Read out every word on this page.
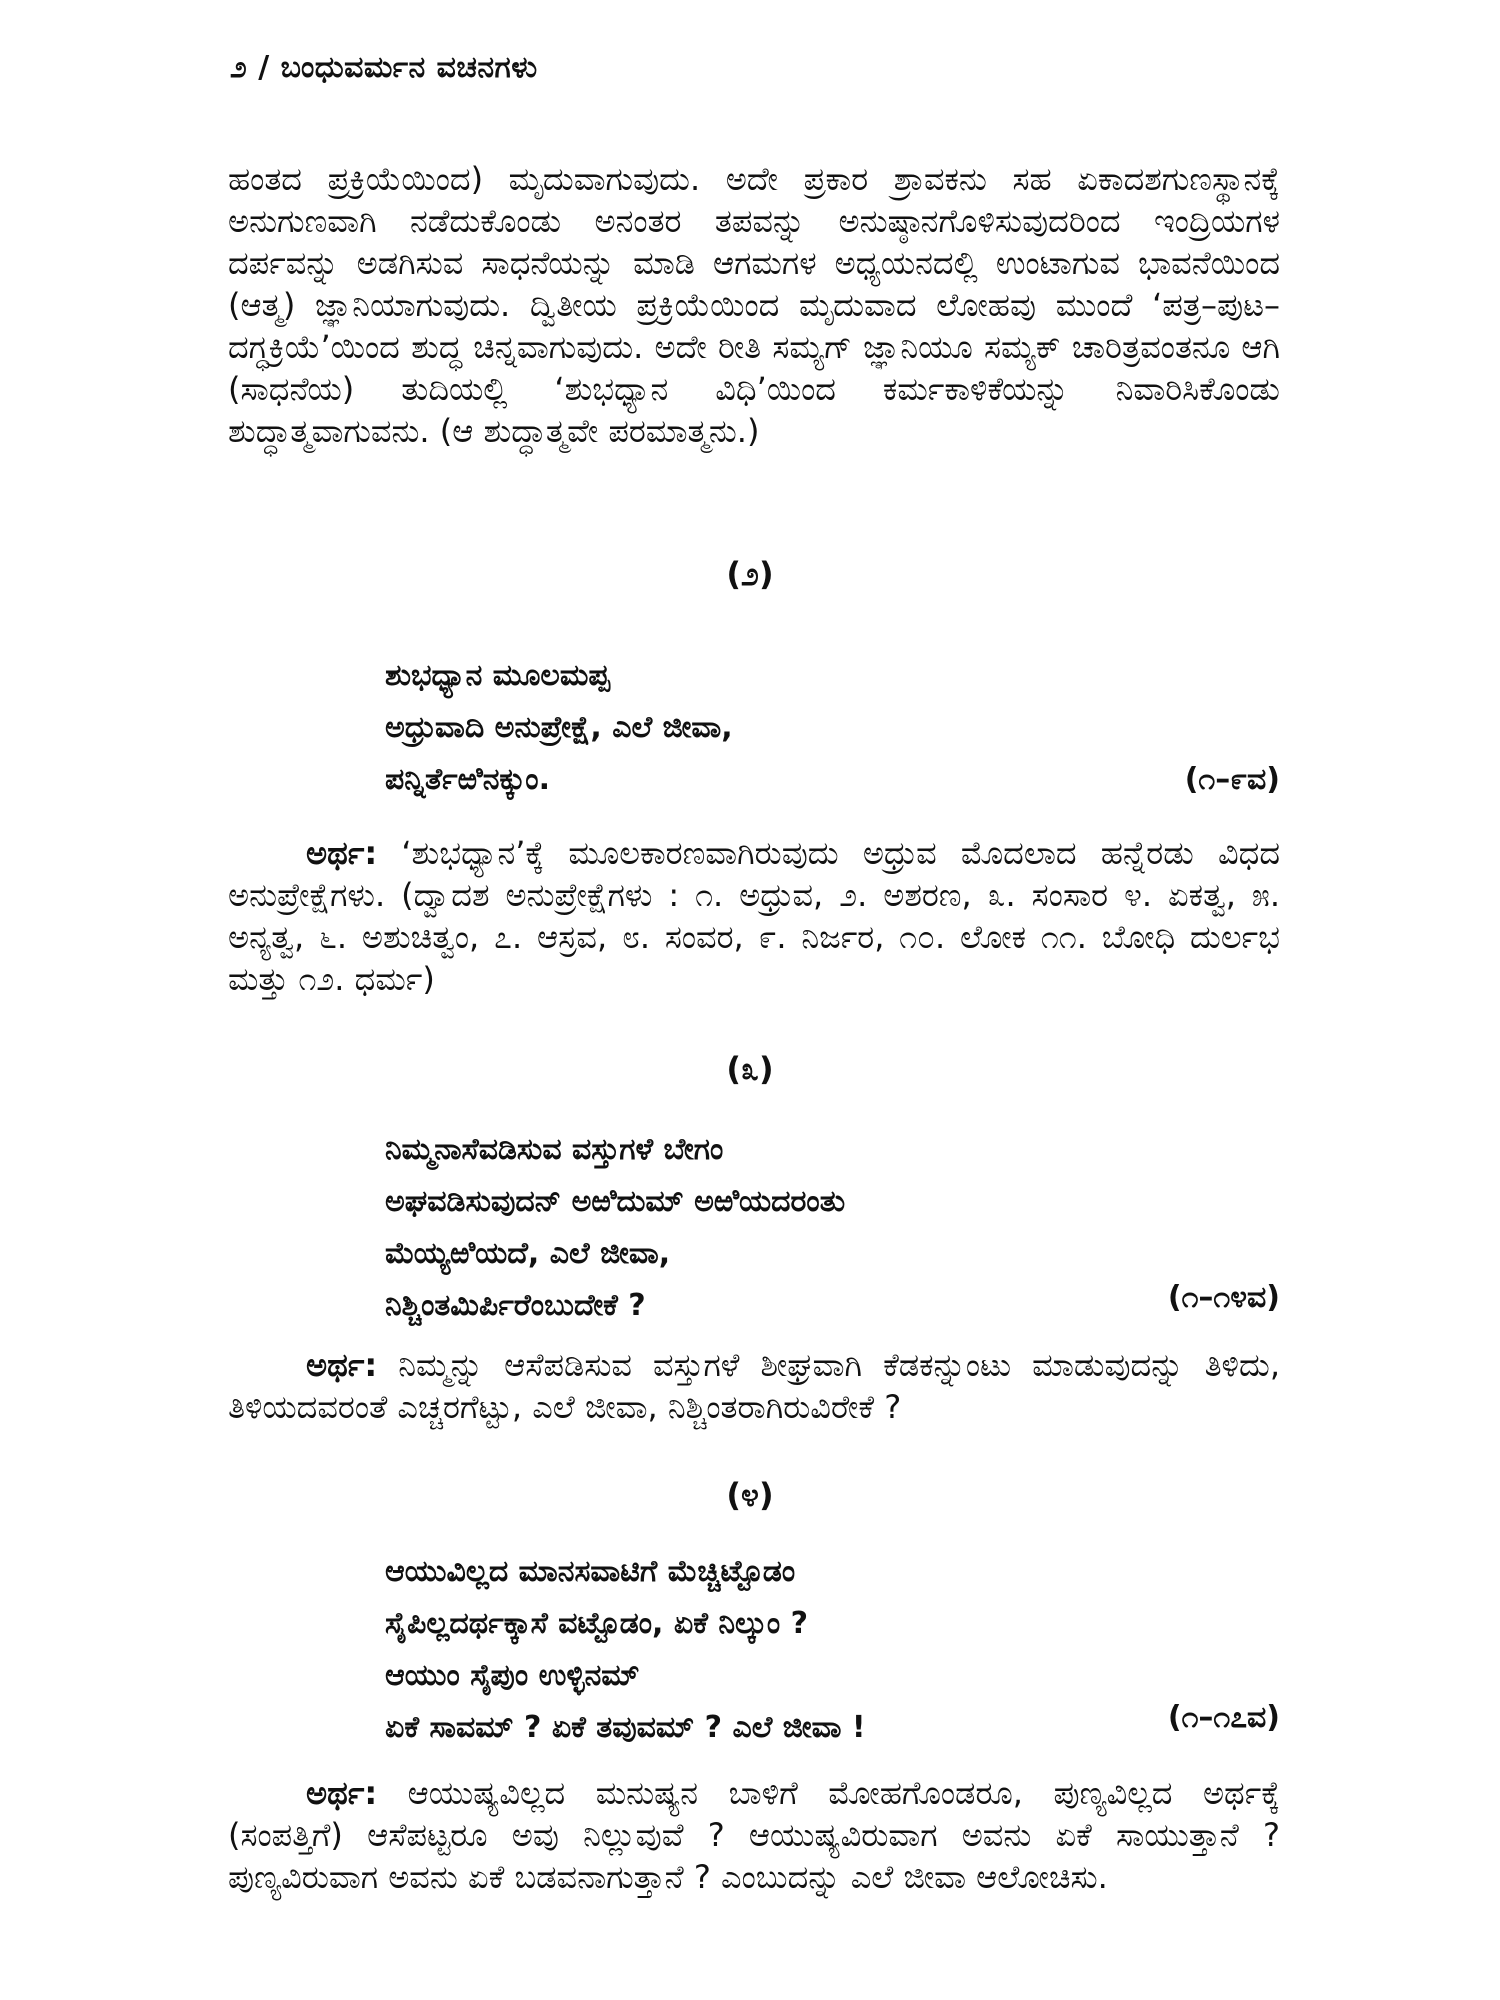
೨ / ಬಂಧುವರ್ಮನ ವಚನಗಳು
ಹಂತದ ಪ್ರಕ್ರಿಯೆಯಿಂದ) ಮೃದುವಾಗುವುದು. ಅದೇ ಪ್ರಕಾರ ಶ್ರಾವಕನು ಸಹ ಏಕಾದಶಗುಣಸ್ಥಾನಕ್ಕೆ ಅನುಗುಣವಾಗಿ ನಡೆದುಕೊಂಡು ಅನಂತರ ತಪವನ್ನು ಅನುಷ್ಠಾನಗೊಳಿಸುವುದರಿಂದ ಇಂದ್ರಿಯಗಳ ದರ್ಪವನ್ನು ಅಡಗಿಸುವ ಸಾಧನೆಯನ್ನು ಮಾಡಿ ಆಗಮಗಳ ಅಧ್ಯಯನದಲ್ಲಿ ಉಂಟಾಗುವ ಭಾವನೆಯಿಂದ (ಆತ್ಮ) ಜ್ಞಾನಿಯಾಗುವುದು. ದ್ವಿತೀಯ ಪ್ರಕ್ರಿಯೆಯಿಂದ ಮೃದುವಾದ ಲೋಹವು ಮುಂದೆ ‘ಪತ್ರ–ಪುಟ–ದಗ್ಧಕ್ರಿಯೆ’ಯಿಂದ ಶುದ್ಧ ಚಿನ್ನವಾಗುವುದು. ಅದೇ ರೀತಿ ಸಮ್ಯಗ್ ಜ್ಞಾನಿಯೂ ಸಮ್ಯಕ್ ಚಾರಿತ್ರವಂತನೂ ಆಗಿ (ಸಾಧನೆಯ) ತುದಿಯಲ್ಲಿ ‘ಶುಭಧ್ಯಾನ ವಿಧಿ’ಯಿಂದ ಕರ್ಮಕಾಳಿಕೆಯನ್ನು ನಿವಾರಿಸಿಕೊಂಡು ಶುದ್ಧಾತ್ಮವಾಗುವನು. (ಆ ಶುದ್ಧಾತ್ಮವೇ ಪರಮಾತ್ಮನು.)
(೨)
ಶುಭಧ್ಯಾನ ಮೂಲಮಪ್ಪ
ಅಧ್ರುವಾದಿ ಅನುಪ್ರೇಕ್ಷೆ, ಎಲೆ ಜೀವಾ,
ಪನ್ನಿರ್ತೆಱಿನಕ್ಕುಂ.	(೧–೯ವ)
ಅರ್ಥ: ‘ಶುಭಧ್ಯಾನ’ಕ್ಕೆ ಮೂಲಕಾರಣವಾಗಿರುವುದು ಅಧ್ರುವ ಮೊದಲಾದ ಹನ್ನೆರಡು ವಿಧದ ಅನುಪ್ರೇಕ್ಷೆಗಳು. (ದ್ವಾದಶ ಅನುಪ್ರೇಕ್ಷೆಗಳು : ೧. ಅಧ್ರುವ, ೨. ಅಶರಣ, ೩. ಸಂಸಾರ ೪. ಏಕತ್ವ, ೫. ಅನ್ಯತ್ವ, ೬. ಅಶುಚಿತ್ವಂ, ೭. ಆಸ್ರವ, ೮. ಸಂವರ, ೯. ನಿರ್ಜರ, ೧೦. ಲೋಕ ೧೧. ಬೋಧಿ ದುರ್ಲಭ ಮತ್ತು ೧೨. ಧರ್ಮ)
(೩)
ನಿಮ್ಮನಾಸೆವಡಿಸುವ ವಸ್ತುಗಳೆ ಬೇಗಂ
ಅಘವಡಿಸುವುದನ್ ಅಱಿದುಮ್ ಅಱಿಯದರಂತು
ಮೆಯ್ಯಱಿಯದೆ, ಎಲೆ ಜೀವಾ,
ನಿಶ್ಚಿಂತಮಿರ್ಪಿರೆಂಬುದೇಕೆ ?	(೧–೧೪ವ)
ಅರ್ಥ: ನಿಮ್ಮನ್ನು ಆಸೆಪಡಿಸುವ ವಸ್ತುಗಳೆ ಶೀಘ್ರವಾಗಿ ಕೆಡಕನ್ನುಂಟು ಮಾಡುವುದನ್ನು ತಿಳಿದು, ತಿಳಿಯದವರಂತೆ ಎಚ್ಚರಗೆಟ್ಟು, ಎಲೆ ಜೀವಾ, ನಿಶ್ಚಿಂತರಾಗಿರುವಿರೇಕೆ ?
(೪)
ಆಯುವಿಲ್ಲದ ಮಾನಸವಾಟಿಗೆ ಮೆಚ್ಚಿಟ್ಟೊಡಂ
ಸೈಪಿಲ್ಲದರ್ಥಕ್ಕಾಸೆ ವಟ್ಟೊಡಂ, ಏಕೆ ನಿಲ್ಕುಂ ?
ಆಯುಂ ಸೈಪುಂ ಉಳ್ಳಿನಮ್
ಏಕೆ ಸಾವಮ್ ? ಏಕೆ ತವುವಮ್ ? ಎಲೆ ಜೀವಾ !	(೧–೧೭ವ)
ಅರ್ಥ: ಆಯುಷ್ಯವಿಲ್ಲದ ಮನುಷ್ಯನ ಬಾಳಿಗೆ ಮೋಹಗೊಂಡರೂ, ಪುಣ್ಯವಿಲ್ಲದ ಅರ್ಥಕ್ಕೆ (ಸಂಪತ್ತಿಗೆ) ಆಸೆಪಟ್ಟರೂ ಅವು ನಿಲ್ಲುವುವೆ ? ಆಯುಷ್ಯವಿರುವಾಗ ಅವನು ಏಕೆ ಸಾಯುತ್ತಾನೆ ? ಪುಣ್ಯವಿರುವಾಗ ಅವನು ಏಕೆ ಬಡವನಾಗುತ್ತಾನೆ ? ಎಂಬುದನ್ನು ಎಲೆ ಜೀವಾ ಆಲೋಚಿಸು.
